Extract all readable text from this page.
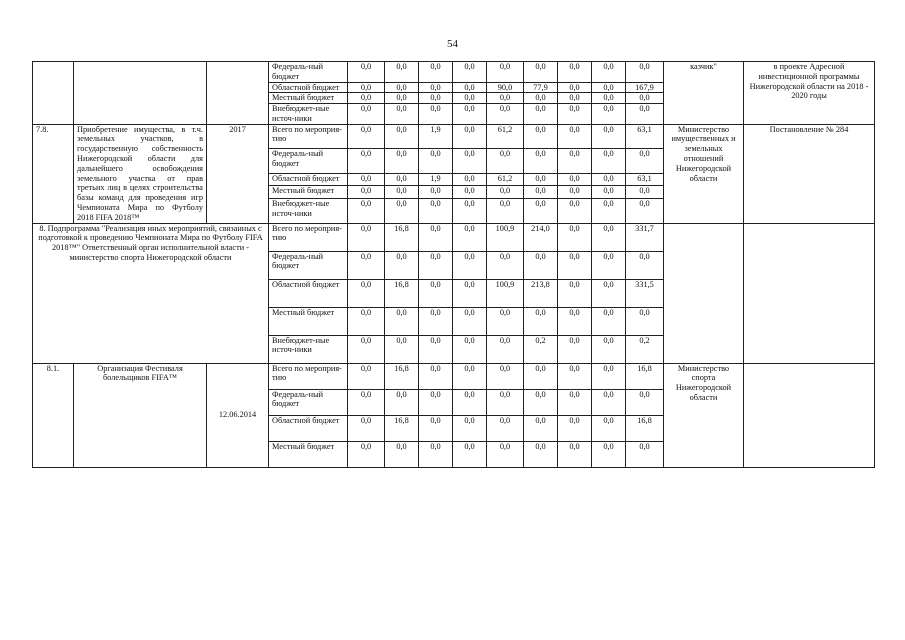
54
			Федераль-ный бюджет	0,0	0,0	0,0	0,0	0,0	0,0	0,0	0,0	0,0	казчик"	в проекте Адресной инвестиционной программы Нижегородской области на 2018 - 2020 годы
			Областной бюджет	0,0	0,0	0,0	0,0	90,0	77,9	0,0	0,0	167,9		
			Местный бюджет	0,0	0,0	0,0	0,0	0,0	0,0	0,0	0,0	0,0		
			Внебюджет-ные источ-ники	0,0	0,0	0,0	0,0	0,0	0,0	0,0	0,0	0,0		
7.8.	Приобретение имущества, в т.ч. земельных участков, в государственную собственность Нижегородской области для дальнейшего освобождения земельного участка от прав третьих лиц в целях строительства базы команд для проведения игр Чемпионата Мира по Футболу 2018 FIFA 2018™	2017	Всего по мероприя-тию	0,0	0,0	1,9	0,0	61,2	0,0	0,0	0,0	63,1	Министерство имущественных и земельных отношений Нижегородской области	Постановление № 284
			Федераль-ный бюджет	0,0	0,0	0,0	0,0	0,0	0,0	0,0	0,0	0,0		
			Областной бюджет	0,0	0,0	1,9	0,0	61,2	0,0	0,0	0,0	63,1		
			Местный бюджет	0,0	0,0	0,0	0,0	0,0	0,0	0,0	0,0	0,0		
			Внебюджет-ные источ-ники	0,0	0,0	0,0	0,0	0,0	0,0	0,0	0,0	0,0		
8. Подпрограмма "Реализация иных мероприятий, связанных с подготовкой к проведению Чемпионата Мира по Футболу FIFA 2018™" Ответственный орган исполнительной власти - министерство спорта Нижегородской области			Всего по мероприя-тию	0,0	16,8	0,0	0,0	100,9	214,0	0,0	0,0	331,7		
			Федераль-ный бюджет	0,0	0,0	0,0	0,0	0,0	0,0	0,0	0,0	0,0		
			Областной бюджет	0,0	16,8	0,0	0,0	100,9	213,8	0,0	0,0	331,5		
			Местный бюджет	0,0	0,0	0,0	0,0	0,0	0,0	0,0	0,0	0,0		
			Внебюджет-ные источ-ники	0,0	0,0	0,0	0,0	0,0	0,2	0,0	0,0	0,2		
8.1.	Организация Фестиваля болельщиков FIFA™	12.06.2014	Всего по мероприя-тию	0,0	16,8	0,0	0,0	0,0	0,0	0,0	0,0	16,8	Министерство спорта Нижегородской области	
			Федераль-ный бюджет	0,0	0,0	0,0	0,0	0,0	0,0	0,0	0,0	0,0		
			Областной бюджет	0,0	16,8	0,0	0,0	0,0	0,0	0,0	0,0	16,8		
			Местный бюджет	0,0	0,0	0,0	0,0	0,0	0,0	0,0	0,0	0,0		
